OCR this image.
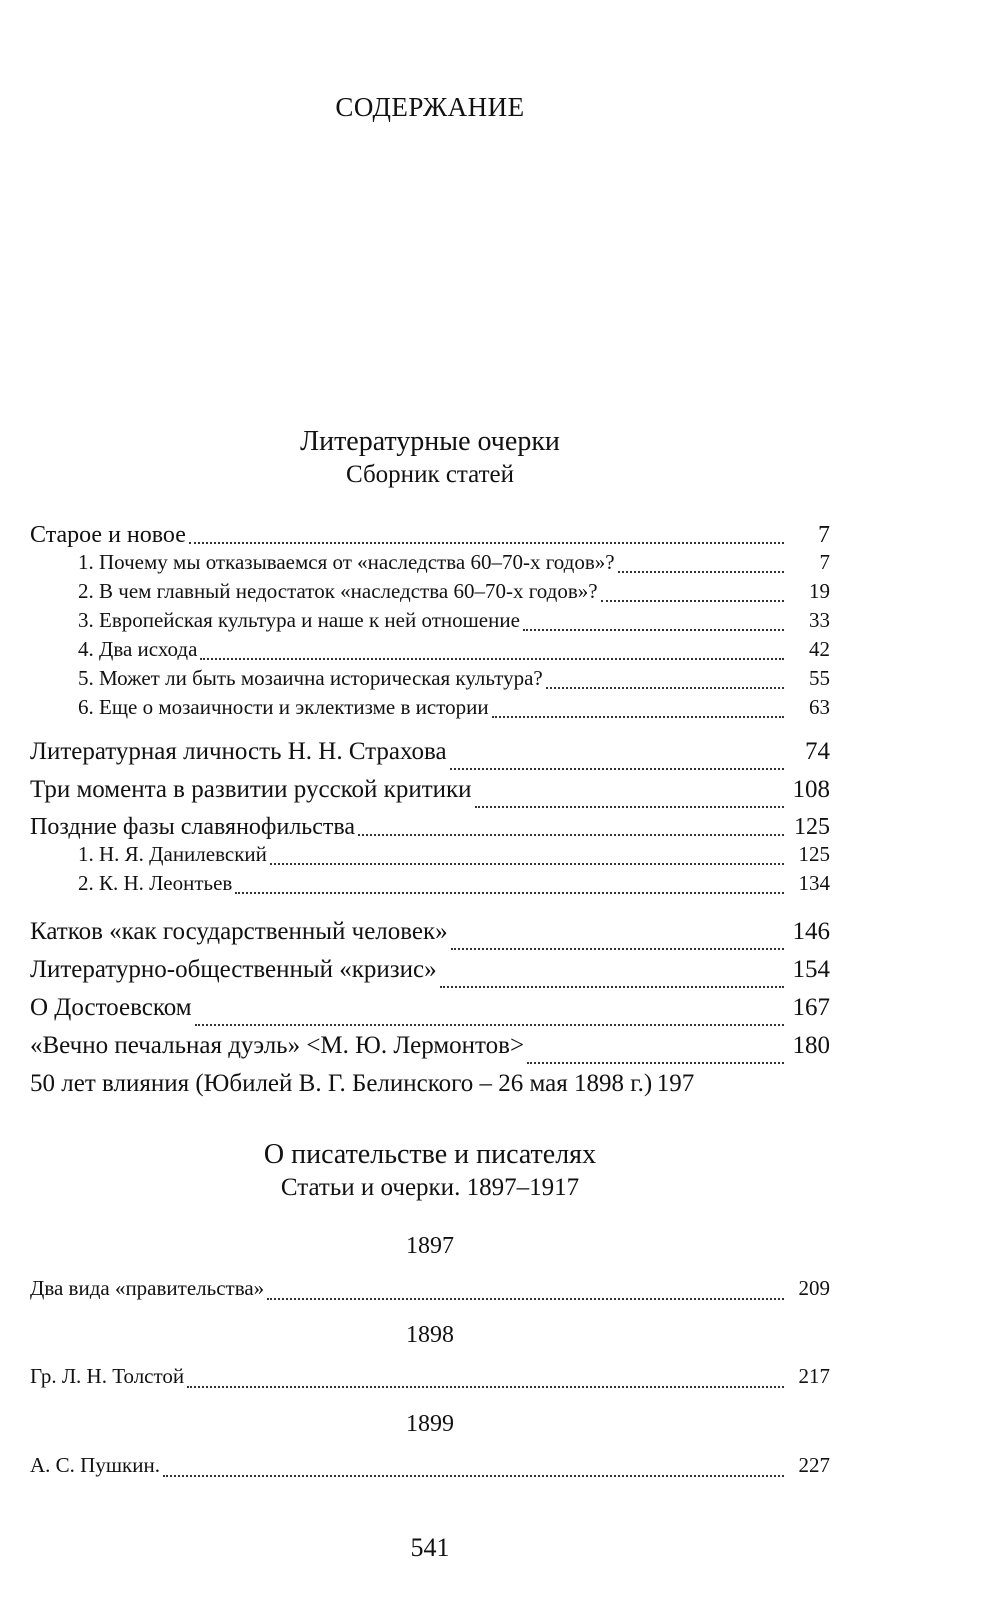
СОДЕРЖАНИЕ
Литературные очерки
Сборник статей
Старое и новое	7
1. Почему мы отказываемся от «наследства 60–70-х годов»?	7
2. В чем главный недостаток «наследства 60–70-х годов»?	19
3. Европейская культура и наше к ней отношение	33
4. Два исхода	42
5. Может ли быть мозаична историческая культура?	55
6. Еще о мозаичности и эклектизме в истории	63
Литературная личность Н. Н. Страхова	74
Три момента в развитии русской критики	108
Поздние фазы славянофильства	125
1. Н. Я. Данилевский	125
2. К. Н. Леонтьев	134
Катков «как государственный человек»	146
Литературно-общественный «кризис»	154
О Достоевском	167
«Вечно печальная дуэль» <М. Ю. Лермонтов>	180
50 лет влияния (Юбилей В. Г. Белинского – 26 мая 1898 г.) 197
О писательстве и писателях
Статьи и очерки. 1897–1917
1897
Два вида «правительства»	209
1898
Гр. Л. Н. Толстой	217
1899
А. С. Пушкин.	227
541
